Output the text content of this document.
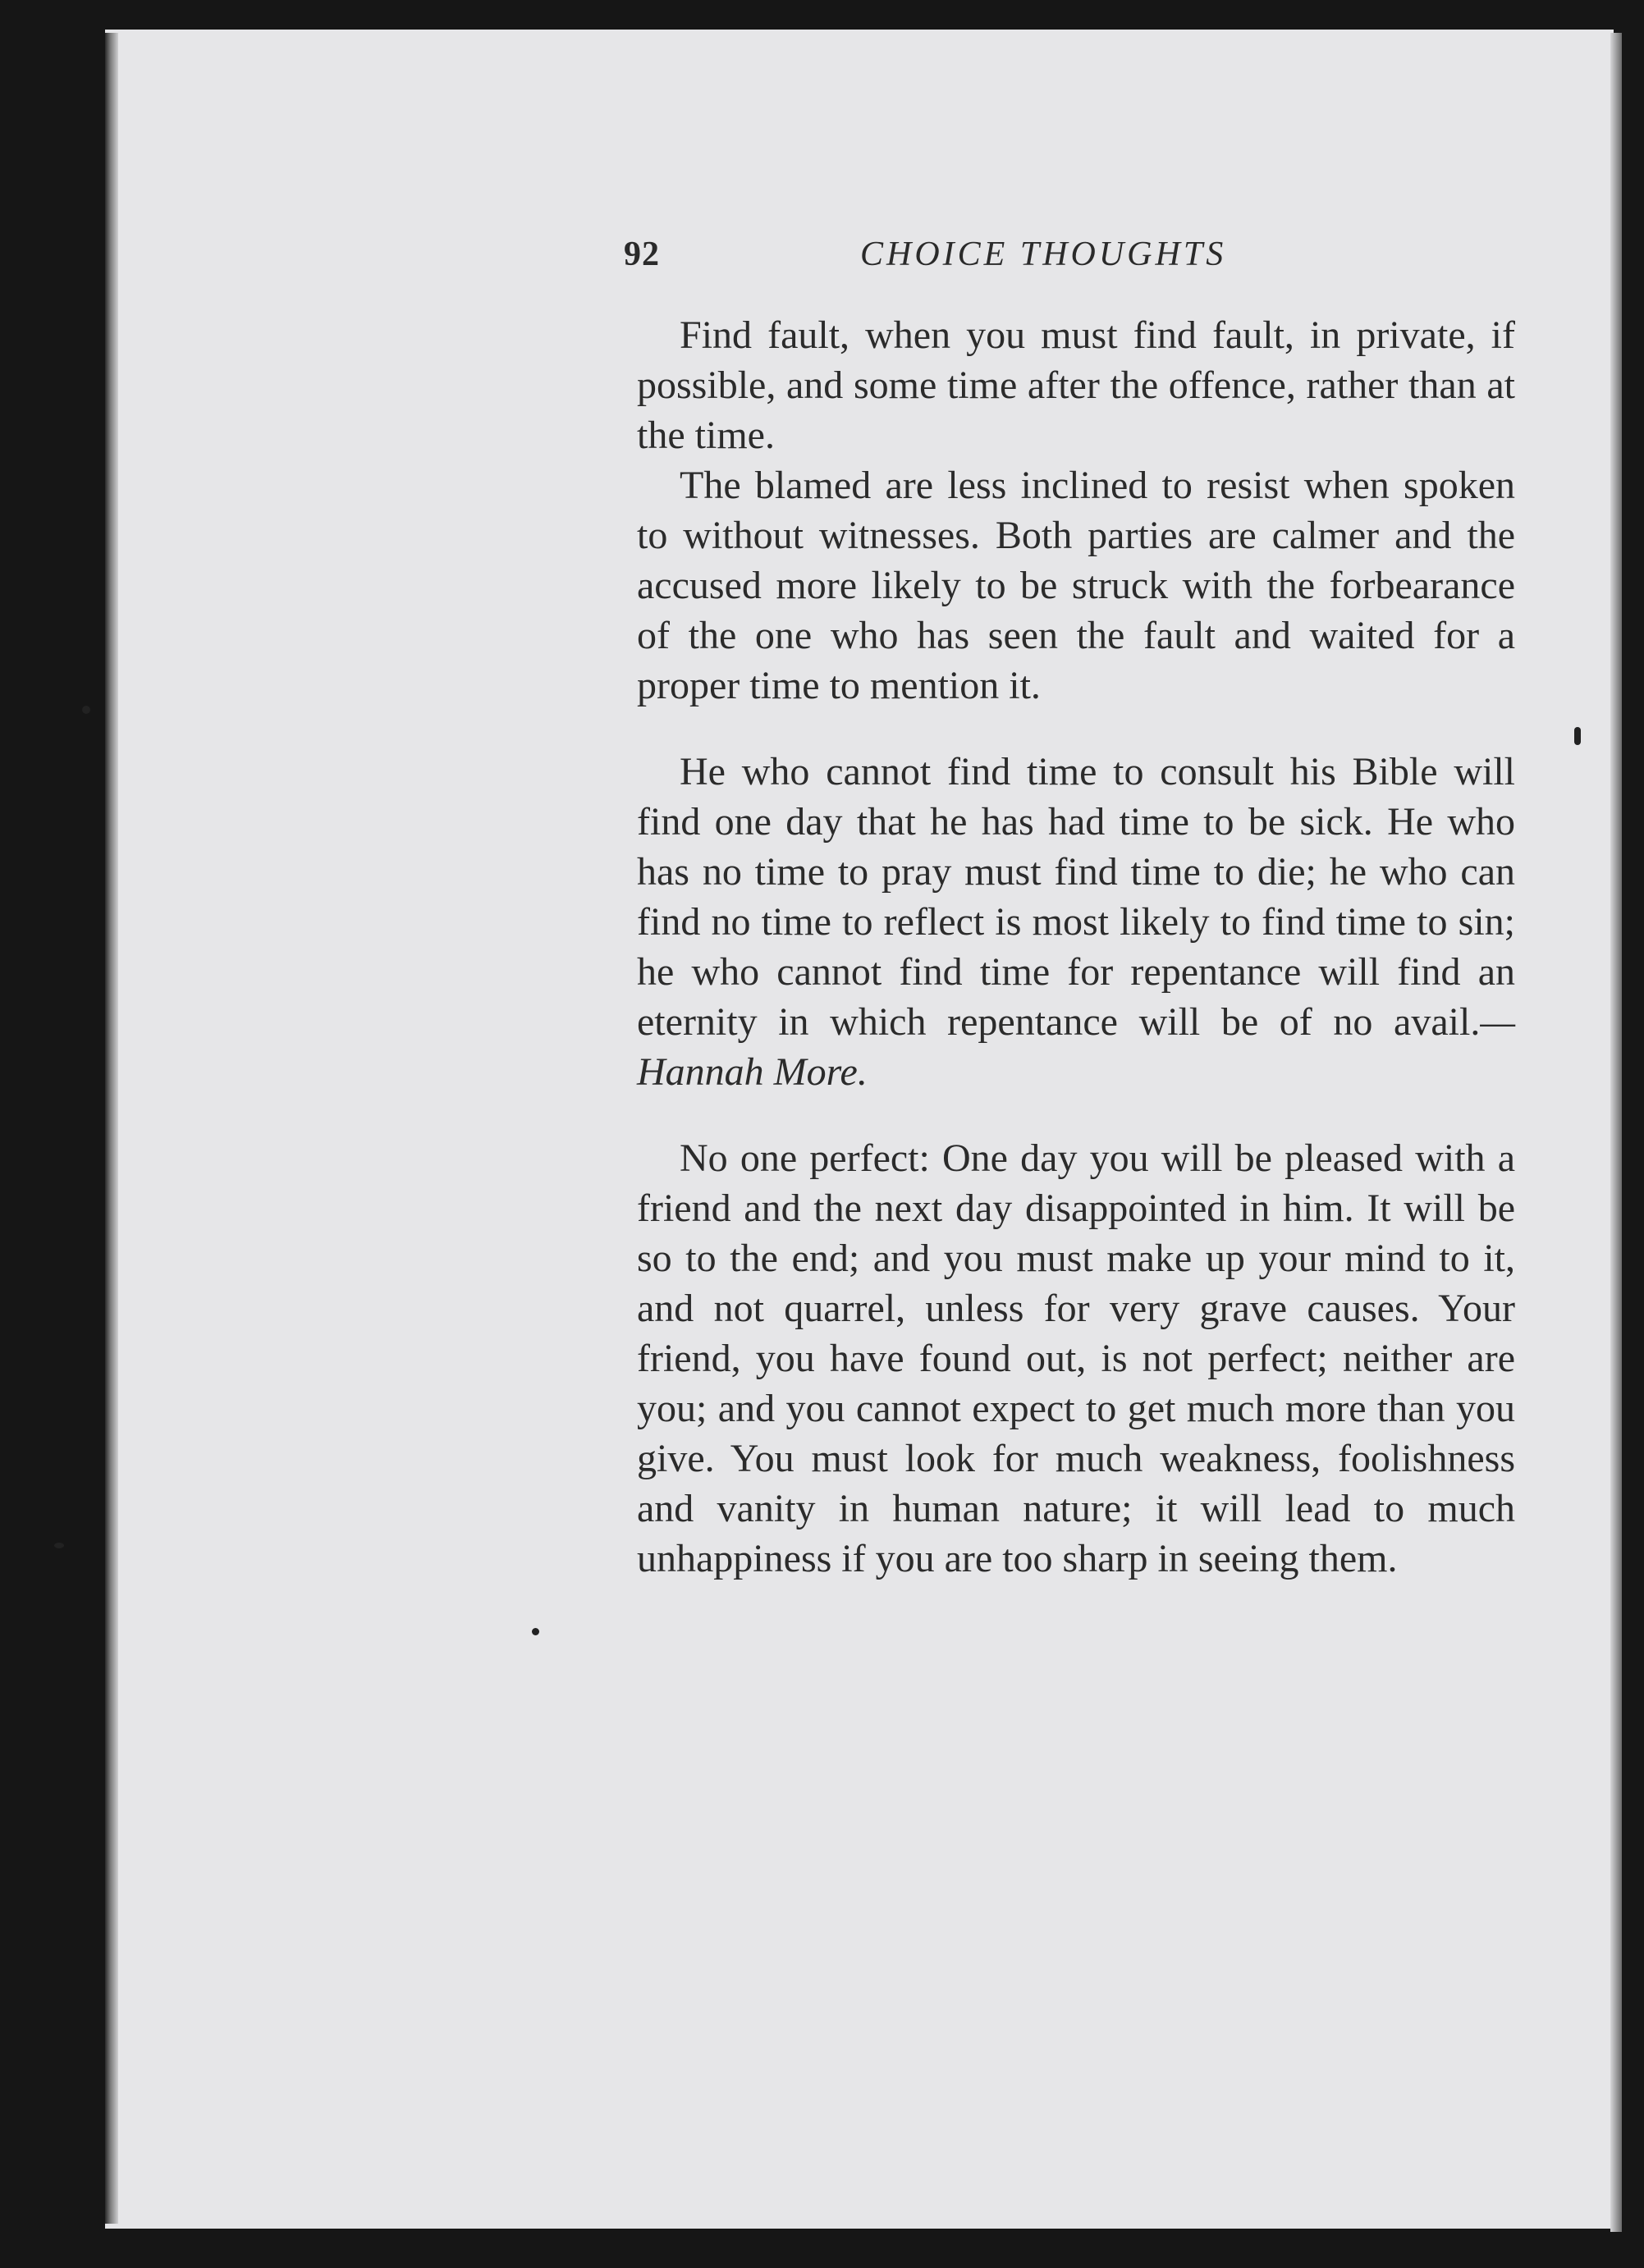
92	CHOICE THOUGHTS

Find fault, when you must find fault, in private, if possible, and some time after the offence, rather than at the time.

The blamed are less inclined to resist when spoken to without witnesses. Both parties are calmer and the accused more likely to be struck with the forbearance of the one who has seen the fault and waited for a proper time to mention it.

He who cannot find time to consult his Bible will find one day that he has had time to be sick. He who has no time to pray must find time to die; he who can find no time to reflect is most likely to find time to sin; he who cannot find time for repentance will find an eternity in which repentance will be of no avail.—Hannah More.

No one perfect: One day you will be pleased with a friend and the next day disappointed in him. It will be so to the end; and you must make up your mind to it, and not quarrel, unless for very grave causes. Your friend, you have found out, is not perfect; neither are you; and you cannot expect to get much more than you give. You must look for much weakness, foolishness and vanity in human nature; it will lead to much unhappiness if you are too sharp in seeing them.
